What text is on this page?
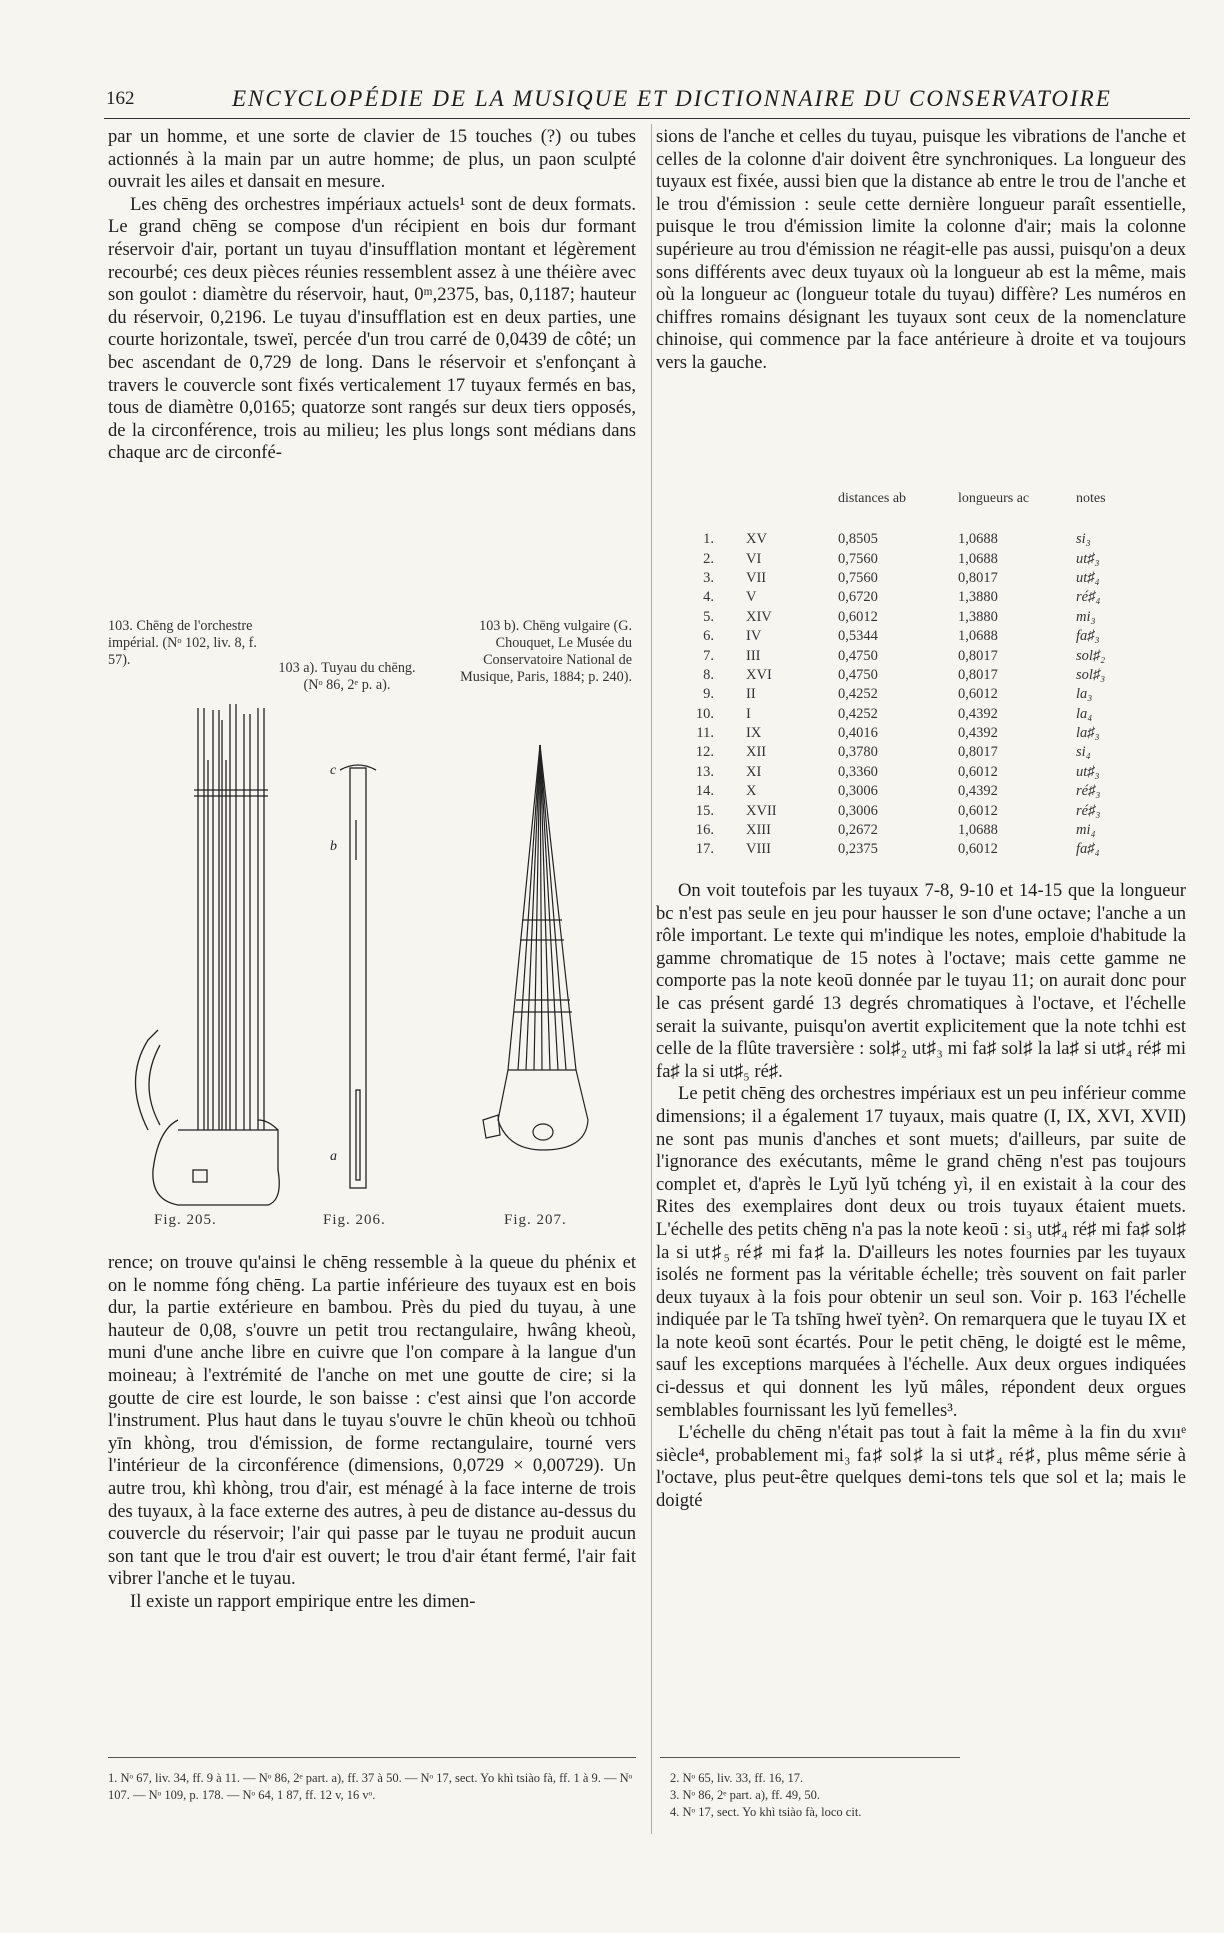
162	ENCYCLOPÉDIE DE LA MUSIQUE ET DICTIONNAIRE DU CONSERVATOIRE

par un homme, et une sorte de clavier de 15 touches (?) ou tubes actionnés à la main par un autre homme; de plus, un paon sculpté ouvrait les ailes et dansait en mesure.

Les chēng des orchestres impériaux actuels¹ sont de deux formats. Le grand chēng se compose d'un récipient en bois dur formant réservoir d'air, portant un tuyau d'insufflation montant et légèrement recourbé; ces deux pièces réunies ressemblent assez à une théière avec son goulot : diamètre du réservoir, haut, 0ᵐ,2375, bas, 0,1187; hauteur du réservoir, 0,2196. Le tuyau d'insufflation est en deux parties, une courte horizontale, tsweï, percée d'un trou carré de 0,0439 de côté; un bec ascendant de 0,729 de long. Dans le réservoir et s'enfonçant à travers le couvercle sont fixés verticalement 17 tuyaux fermés en bas, tous de diamètre 0,0165; quatorze sont rangés sur deux tiers opposés, de la circonférence, trois au milieu; les plus longs sont médians dans chaque arc de circonfé-

103. Chēng de l'orchestre impérial. (Nᵒ 102, liv. 8, f. 57).	103 a). Tuyau du chēng. (Nᵒ 86, 2ᵉ p. a).
103 b). Chēng vulgaire (G. Chouquet, Le Musée du Conservatoire National de Musique, Paris, 1884; p. 240).
Fig. 205.
c
b
a
Fig. 206.	Fig. 207.

rence; on trouve qu'ainsi le chēng ressemble à la queue du phénix et on le nomme fóng chēng. La partie inférieure des tuyaux est en bois dur, la partie extérieure en bambou. Près du pied du tuyau, à une hauteur de 0,08, s'ouvre un petit trou rectangulaire, hwâng kheoù, muni d'une anche libre en cuivre que l'on compare à la langue d'un moineau; à l'extrémité de l'anche on met une goutte de cire; si la goutte de cire est lourde, le son baisse : c'est ainsi que l'on accorde l'instrument. Plus haut dans le tuyau s'ouvre le chūn kheoù ou tchhoū yīn khòng, trou d'émission, de forme rectangulaire, tourné vers l'intérieur de la circonférence (dimensions, 0,0729 × 0,00729). Un autre trou, khì khòng, trou d'air, est ménagé à la face interne de trois des tuyaux, à la face externe des autres, à peu de distance au-dessus du couvercle du réservoir; l'air qui passe par le tuyau ne produit aucun son tant que le trou d'air est ouvert; le trou d'air étant fermé, l'air fait vibrer l'anche et le tuyau.

Il existe un rapport empirique entre les dimen-

1. Nᵒ 67, liv. 34, ff. 9 à 11. — Nᵒ 86, 2ᵉ part. a), ff. 37 à 50. — Nᵒ 17, sect. Yo khì tsiào fà, ff. 1 à 9. — Nᵒ 107. — Nᵒ 109, p. 178. — Nᵒ 64, 1 87, ff. 12 v, 16 vᵒ.

sions de l'anche et celles du tuyau, puisque les vibrations de l'anche et celles de la colonne d'air doivent être synchroniques. La longueur des tuyaux est fixée, aussi bien que la distance ab entre le trou de l'anche et le trou d'émission : seule cette dernière longueur paraît essentielle, puisque le trou d'émission limite la colonne d'air; mais la colonne supérieure au trou d'émission ne réagit-elle pas aussi, puisqu'on a deux sons différents avec deux tuyaux où la longueur ab est la même, mais où la longueur ac (longueur totale du tuyau) diffère? Les numéros en chiffres romains désignant les tuyaux sont ceux de la nomenclature chinoise, qui commence par la face antérieure à droite et va toujours vers la gauche.

		distances ab	longueurs ac	notes
1.	XV	0,8505	1,0688	si₃
2.	VI	0,7560	1,0688	ut♯₃
3.	VII	0,7560	0,8017	ut♯₄
4.	V	0,6720	1,3880	ré♯₄
5.	XIV	0,6012	1,3880	mi₃
6.	IV	0,5344	1,0688	fa♯₃
7.	III	0,4750	0,8017	sol♯₂
8.	XVI	0,4750	0,8017	sol♯₃
9.	II	0,4252	0,6012	la₃
10.	I	0,4252	0,4392	la₄
11.	IX	0,4016	0,4392	la♯₃
12.	XII	0,3780	0,8017	si₄
13.	XI	0,3360	0,6012	ut♯₃
14.	X	0,3006	0,4392	ré♯₃
15.	XVII	0,3006	0,6012	ré♯₃
16.	XIII	0,2672	1,0688	mi₄
17.	VIII	0,2375	0,6012	fa♯₄

On voit toutefois par les tuyaux 7-8, 9-10 et 14-15 que la longueur bc n'est pas seule en jeu pour hausser le son d'une octave; l'anche a un rôle important. Le texte qui m'indique les notes, emploie d'habitude la gamme chromatique de 15 notes à l'octave; mais cette gamme ne comporte pas la note keoū donnée par le tuyau 11; on aurait donc pour le cas présent gardé 13 degrés chromatiques à l'octave, et l'échelle serait la suivante, puisqu'on avertit explicitement que la note tchhi est celle de la flûte traversière : sol♯₂ ut♯₃ mi fa♯ sol♯ la la♯ si ut♯₄ ré♯ mi fa♯ la si ut♯₅ ré♯.

Le petit chēng des orchestres impériaux est un peu inférieur comme dimensions; il a également 17 tuyaux, mais quatre (I, IX, XVI, XVII) ne sont pas munis d'anches et sont muets; d'ailleurs, par suite de l'ignorance des exécutants, même le grand chēng n'est pas toujours complet et, d'après le Lyŭ lyŭ tchéng yì, il en existait à la cour des Rites des exemplaires dont deux ou trois tuyaux étaient muets. L'échelle des petits chēng n'a pas la note keoū : si₃ ut♯₄ ré♯ mi fa♯ sol♯ la si ut♯₅ ré♯ mi fa♯ la. D'ailleurs les notes fournies par les tuyaux isolés ne forment pas la véritable échelle; très souvent on fait parler deux tuyaux à la fois pour obtenir un seul son. Voir p. 163 l'échelle indiquée par le Ta tshīng hweï tyèn². On remarquera que le tuyau IX et la note keoū sont écartés. Pour le petit chēng, le doigté est le même, sauf les exceptions marquées à l'échelle. Aux deux orgues indiquées ci-dessus et qui donnent les lyŭ mâles, répondent deux orgues semblables fournissant les lyŭ femelles³.

L'échelle du chēng n'était pas tout à fait la même à la fin du xvııᵉ siècle⁴, probablement mi₃ fa♯ sol♯ la si ut♯₄ ré♯, plus même série à l'octave, plus peut-être quelques demi-tons tels que sol et la; mais le doigté

2. Nᵒ 65, liv. 33, ff. 16, 17.
3. Nᵒ 86, 2ᵉ part. a), ff. 49, 50.
4. Nᵒ 17, sect. Yo khì tsiào fà, loco cit.
